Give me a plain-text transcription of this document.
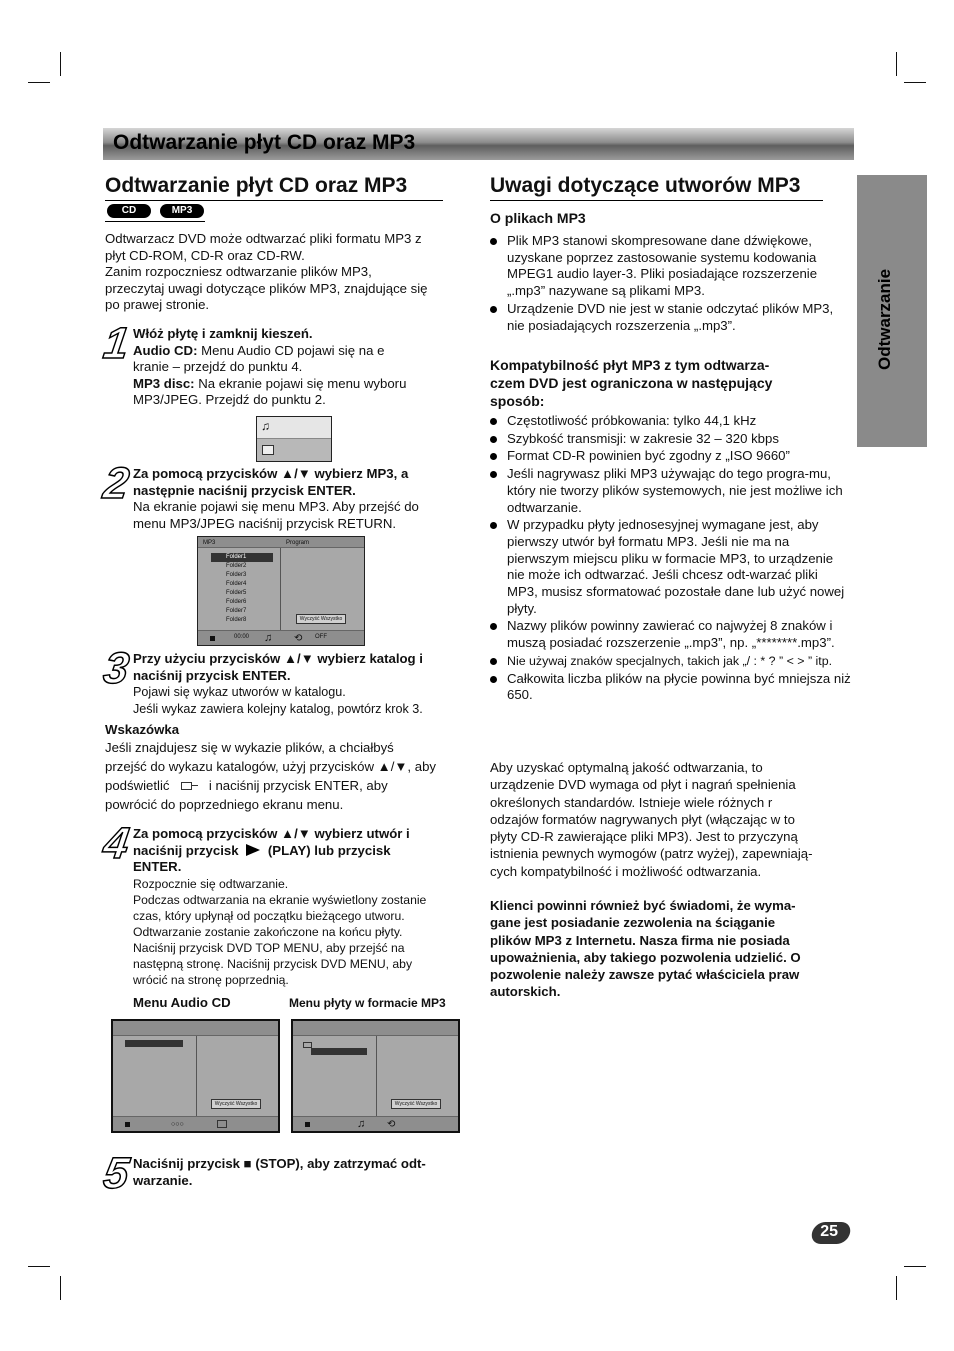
Odtwarzanie płyt CD oraz MP3
Odtwarzanie
Odtwarzanie płyt CD oraz MP3
CD	MP3
Odtwarzacz DVD może odtwarzać pliki formatu MP3 z
płyt CD-ROM, CD-R oraz CD-RW.
Zanim rozpoczniesz odtwarzanie plików MP3,
przeczytaj uwagi dotyczące plików MP3, znajdujące się
po prawej stronie.
1 Włóż płytę i zamknij kieszeń.
Audio CD: Menu Audio CD pojawi się na e
kranie – przejdź do punktu 4.
MP3 disc: Na ekranie pojawi się menu wyboru
MP3/JPEG. Przejdź do punktu 2.
♫
2 Za pomocą przycisków ▲/▼ wybierz MP3, a
następnie naciśnij przycisk ENTER.
Na ekranie pojawi się menu MP3. Aby przejść do
menu MP3/JPEG naciśnij przycisk RETURN.
MP3	Program
Folder1
Folder2
Folder3
Folder4
Folder5
Folder6
Folder7
Folder8	Wyczyść Wszystko
00:00 ♫ ⟲ OFF
3 Przy użyciu przycisków ▲/▼ wybierz katalog i
naciśnij przycisk ENTER.
Pojawi się wykaz utworów w katalogu.
Jeśli wykaz zawiera kolejny katalog, powtórz krok 3.
Wskazówka
Jeśli znajdujesz się w wykazie plików, a chciałbyś
przejść do wykazu katalogów, użyj przycisków ▲/▼, aby
podświetlić	i naciśnij przycisk ENTER, aby
powrócić do poprzedniego ekranu menu.
4 Za pomocą przycisków ▲/▼ wybierz utwór i
naciśnij przycisk (PLAY) lub przycisk
ENTER.
Rozpocznie się odtwarzanie.
Podczas odtwarzania na ekranie wyświetlony zostanie
czas, który upłynął od początku bieżącego utworu.
Odtwarzanie zostanie zakończone na końcu płyty.
Naciśnij przycisk DVD TOP MENU, aby przejść na
następną stronę. Naciśnij przycisk DVD MENU, aby
wrócić na stronę poprzednią.
Menu Audio CD	Menu płyty w formacie MP3
Wyczyść Wszystko
○○○
Wyczyść Wszystko
♫ ⟲
5 Naciśnij przycisk ■ (STOP), aby zatrzymać odt-
warzanie.
Uwagi dotyczące utworów MP3
O plikach MP3
Plik MP3 stanowi skompresowane dane dźwiękowe, uzyskane poprzez zastosowanie systemu kodowania MPEG1 audio layer-3. Pliki posiadające rozszerzenie „.mp3” nazywane są plikami MP3.
Urządzenie DVD nie jest w stanie odczytać plików MP3, nie posiadających rozszerzenia „.mp3”.
Kompatybilność płyt MP3 z tym odtwarza-
czem DVD jest ograniczona w następujący
sposób:
Częstotliwość próbkowania: tylko 44,1 kHz
Szybkość transmisji: w zakresie 32 – 320 kbps
Format CD-R powinien być zgodny z „ISO 9660”
Jeśli nagrywasz pliki MP3 używając do tego progra-mu, który nie tworzy plików systemowych, nie jest możliwe ich odtwarzanie.
W przypadku płyty jednosesyjnej wymagane jest, aby pierwszy utwór był formatu MP3. Jeśli nie ma na pierwszym miejscu pliku w formacie MP3, to urządzenie nie może ich odtwarzać. Jeśli chcesz odt-warzać pliki MP3, musisz sformatować pozostałe dane lub użyć nowej płyty.
Nazwy plików powinny zawierać co najwyżej 8 znaków i muszą posiadać rozszerzenie „.mp3”, np. „********.mp3”.
Nie używaj znaków specjalnych, takich jak „/ : * ? ” < > ” itp.
Całkowita liczba plików na płycie powinna być mniejsza niż 650.
Aby uzyskać optymalną jakość odtwarzania, to
urządzenie DVD wymaga od płyt i nagrań spełnienia
określonych standardów. Istnieje wiele różnych r
odzajów formatów nagrywanych płyt (włączając w to
płyty CD-R zawierające pliki MP3). Jest to przyczyną
istnienia pewnych wymogów (patrz wyżej), zapewniają-
cych kompatybilność i możliwość odtwarzania.
Klienci powinni również być świadomi, że wyma-
gane jest posiadanie zezwolenia na ściąganie
plików MP3 z Internetu. Nasza firma nie posiada
upoważnienia, aby takiego pozwolenia udzielić. O
pozwolenie należy zawsze pytać właściciela praw
autorskich.
25
